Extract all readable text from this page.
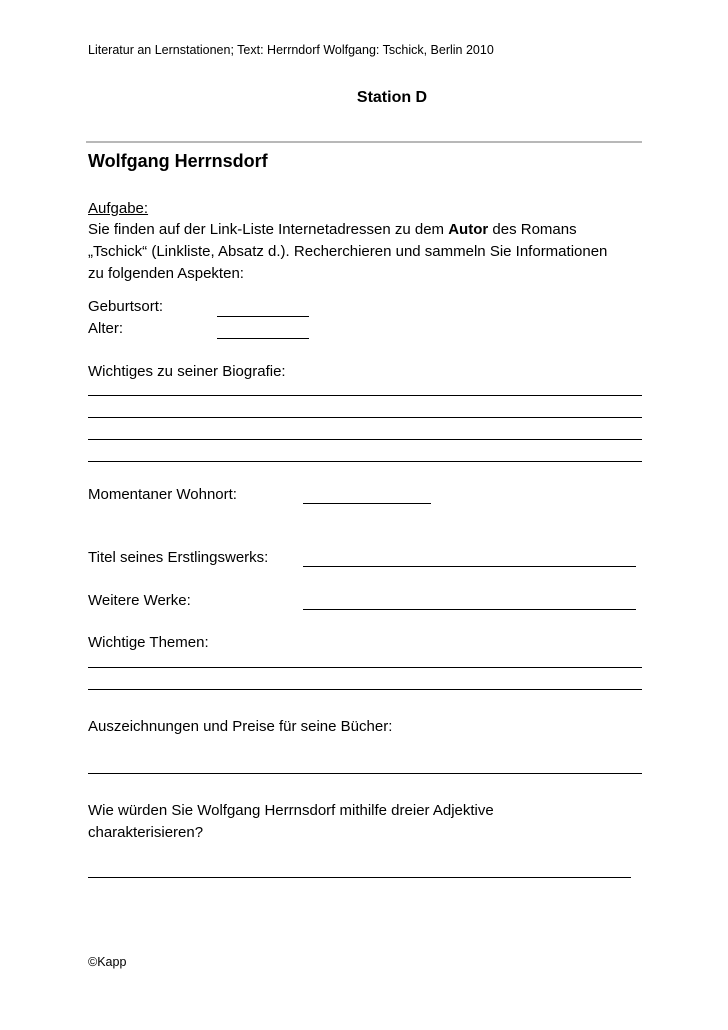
Literatur an Lernstationen; Text: Herrndorf Wolfgang: Tschick, Berlin 2010
Station D
Wolfgang Herrnsdorf
Aufgabe:
Sie finden auf der Link-Liste Internetadressen zu dem Autor des Romans
„Tschick“ (Linkliste, Absatz d.). Recherchieren und sammeln Sie Informationen
zu folgenden Aspekten:
Geburtsort:
Alter:
Wichtiges zu seiner Biografie:
Momentaner Wohnort:
Titel seines Erstlingswerks:
Weitere Werke:
Wichtige Themen:
Auszeichnungen und Preise für seine Bücher:
Wie würden Sie Wolfgang Herrnsdorf mithilfe dreier Adjektive
charakterisieren?
©Kapp
